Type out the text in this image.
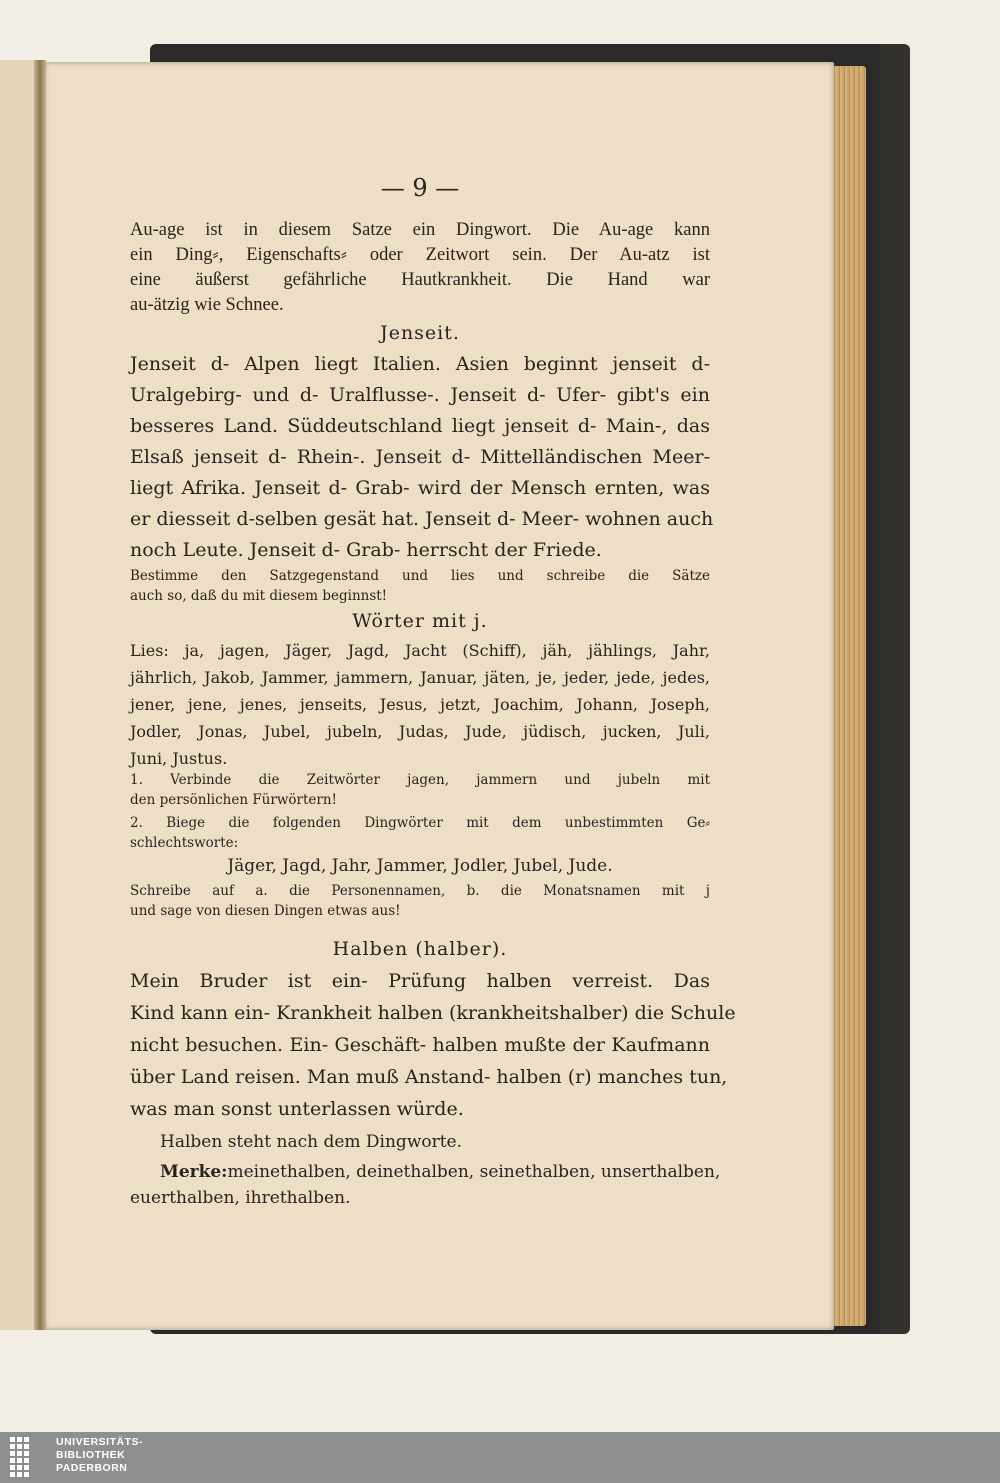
— 9 —
Au-age ist in diesem Satze ein Dingwort. Die Au-age kann
ein Ding⸗, Eigenschafts⸗ oder Zeitwort sein. Der Au-atz ist
eine äußerst gefährliche Hautkrankheit. Die Hand war
au-ätzig wie Schnee.
Jenseit.
Jenseit d- Alpen liegt Italien. Asien beginnt jenseit d-
Uralgebirg- und d- Uralflusse-. Jenseit d- Ufer- gibt's ein
besseres Land. Süddeutschland liegt jenseit d- Main-, das
Elsaß jenseit d- Rhein-. Jenseit d- Mittelländischen Meer-
liegt Afrika. Jenseit d- Grab- wird der Mensch ernten, was
er diesseit d-selben gesät hat. Jenseit d- Meer- wohnen auch
noch Leute. Jenseit d- Grab- herrscht der Friede.
Bestimme den Satzgegenstand und lies und schreibe die Sätze
auch so, daß du mit diesem beginnst!
Wörter mit j.
Lies: ja, jagen, Jäger, Jagd, Jacht (Schiff), jäh, jählings, Jahr,
jährlich, Jakob, Jammer, jammern, Januar, jäten, je, jeder, jede, jedes,
jener, jene, jenes, jenseits, Jesus, jetzt, Joachim, Johann, Joseph,
Jodler, Jonas, Jubel, jubeln, Judas, Jude, jüdisch, jucken, Juli,
Juni, Justus.
1. Verbinde die Zeitwörter jagen, jammern und jubeln mit
den persönlichen Fürwörtern!
2. Biege die folgenden Dingwörter mit dem unbestimmten Ge⸗
schlechtsworte:
Jäger, Jagd, Jahr, Jammer, Jodler, Jubel, Jude.
Schreibe auf a. die Personennamen, b. die Monatsnamen mit j
und sage von diesen Dingen etwas aus!
Halben (halber).
Mein Bruder ist ein- Prüfung halben verreist. Das
Kind kann ein- Krankheit halben (krankheitshalber) die Schule
nicht besuchen. Ein- Geschäft- halben mußte der Kaufmann
über Land reisen. Man muß Anstand- halben (r) manches tun,
was man sonst unterlassen würde.
Halben steht nach dem Dingworte.
Merke: meinethalben, deinethalben, seinethalben, unserthalben,
euerthalben, ihrethalben.
UNIVERSITÄTS-
BIBLIOTHEK
PADERBORN
